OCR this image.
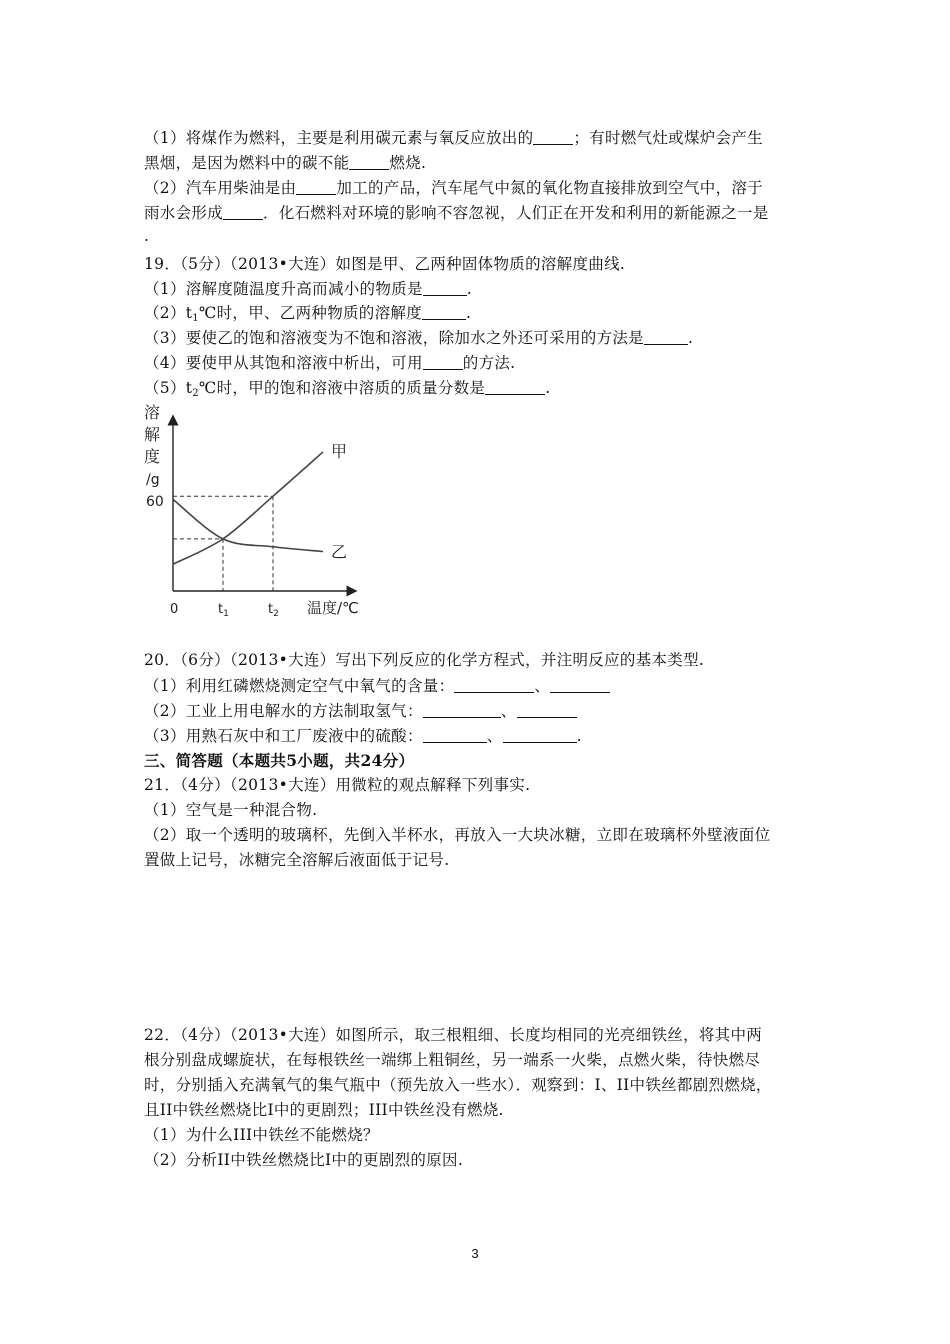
（1）将煤作为燃料，主要是利用碳元素与氧反应放出的	；有时燃气灶或煤炉会产生
黑烟，是因为燃料中的碳不能	燃烧.
（2）汽车用柴油是由	加工的产品，汽车尾气中氮的氧化物直接排放到空气中，溶于
雨水会形成	．化石燃料对环境的影响不容忽视，人们正在开发和利用的新能源之一是
.
19．（5分）（2013•大连）如图是甲、乙两种固体物质的溶解度曲线.
（1）溶解度随温度升高而减小的物质是	.
$(2)t_1℃$时，甲、乙两种物质的溶解度	.
（3）要使乙的饱和溶液变为不饱和溶液，除加水之外还可采用的方法是	.
（4）要使甲从其饱和溶液中析出，可用	的方法.
$(5)t_2℃$时，甲的饱和溶液中溶质的质量分数是	.
溶
解
度
/g
60
0	$t_1$	$t_2$ 温度/℃
甲
乙
20．（6分）（2013•大连）写出下列反应的化学方程式，并注明反应的基本类型.
（1）利用红磷燃烧测定空气中氧气的含量：	、
（2）工业上用电解水的方法制取氢气：	、
（3）用熟石灰中和工厂废液中的硫酸：	、	.
三、简答题（本题共5小题，共24分）
21．（4分）（2013•大连）用微粒的观点解释下列事实.
（1）空气是一种混合物.
（2）取一个透明的玻璃杯，先倒入半杯水，再放入一大块冰糖，立即在玻璃杯外壁液面位
置做上记号，冰糖完全溶解后液面低于记号.
22．（4分）（2013•大连）如图所示，取三根粗细、长度均相同的光亮细铁丝，将其中两
根分别盘成螺旋状，在每根铁丝一端绑上粗铜丝，另一端系一火柴，点燃火柴，待快燃尽
时，分别插入充满氧气的集气瓶中（预先放入一些水）．观察到：I、II中铁丝都剧烈燃烧，
且II中铁丝燃烧比I中的更剧烈；III中铁丝没有燃烧.
（1）为什么III中铁丝不能燃烧？
（2）分析II中铁丝燃烧比I中的更剧烈的原因.
3
